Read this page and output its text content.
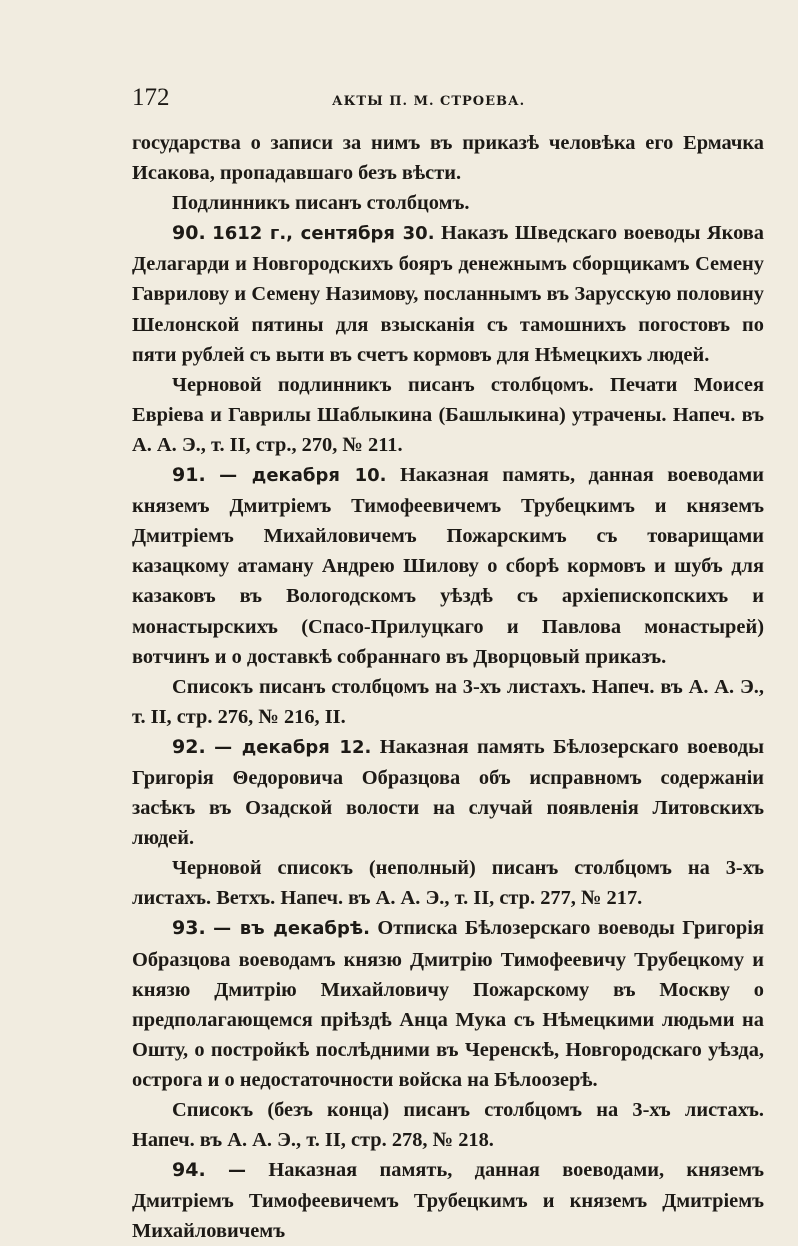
172	АКТЫ П. М. СТРОЕВА.

государства о записи за нимъ въ приказѣ человѣка его Ермачка Исакова, пропадавшаго безъ вѣсти.

Подлинникъ писанъ столбцомъ.

90. 1612 г., сентября 30. Наказъ Шведскаго воеводы Якова Делагарди и Новгородскихъ бояръ денежнымъ сборщикамъ Семену Гаврилову и Семену Назимову, посланнымъ въ Зарусскую половину Шелонской пятины для взысканія съ тамошнихъ погостовъ по пяти рублей съ выти въ счетъ кормовъ для Нѣмецкихъ людей.

Черновой подлинникъ писанъ столбцомъ. Печати Моисея Евріева и Гаврилы Шаблыкина (Башлыкина) утрачены. Напеч. въ А. А. Э., т. II, стр., 270, № 211.

91. — декабря 10. Наказная память, данная воеводами княземъ Дмитріемъ Тимофеевичемъ Трубецкимъ и княземъ Дмитріемъ Михайловичемъ Пожарскимъ съ товарищами казацкому атаману Андрею Шилову о сборѣ кормовъ и шубъ для казаковъ въ Вологодскомъ уѣздѣ съ архіепископскихъ и монастырскихъ (Спасо-Прилуцкаго и Павлова монастырей) вотчинъ и о доставкѣ собраннаго въ Дворцовый приказъ.

Списокъ писанъ столбцомъ на 3-хъ листахъ. Напеч. въ А. А. Э., т. II, стр. 276, № 216, II.

92. — декабря 12. Наказная память Бѣлозерскаго воеводы Григорія Θедоровича Образцова объ исправномъ содержаніи засѣкъ въ Озадской волости на случай появленія Литовскихъ людей.

Черновой списокъ (неполный) писанъ столбцомъ на 3-хъ листахъ. Ветхъ. Напеч. въ А. А. Э., т. II, стр. 277, № 217.

93. — въ декабрѣ. Отписка Бѣлозерскаго воеводы Григорія Образцова воеводамъ князю Дмитрію Тимофеевичу Трубецкому и князю Дмитрію Михайловичу Пожарскому въ Москву о предполагающемся пріѣздѣ Анца Мука съ Нѣмецкими людьми на Ошту, о постройкѣ послѣдними въ Черенскѣ, Новгородскаго уѣзда, острога и о недостаточности войска на Бѣлоозерѣ.

Списокъ (безъ конца) писанъ столбцомъ на 3-хъ листахъ. Напеч. въ А. А. Э., т. II, стр. 278, № 218.

94. — Наказная память, данная воеводами, княземъ Дмитріемъ Тимофеевичемъ Трубецкимъ и княземъ Дмитріемъ Михайловичемъ
